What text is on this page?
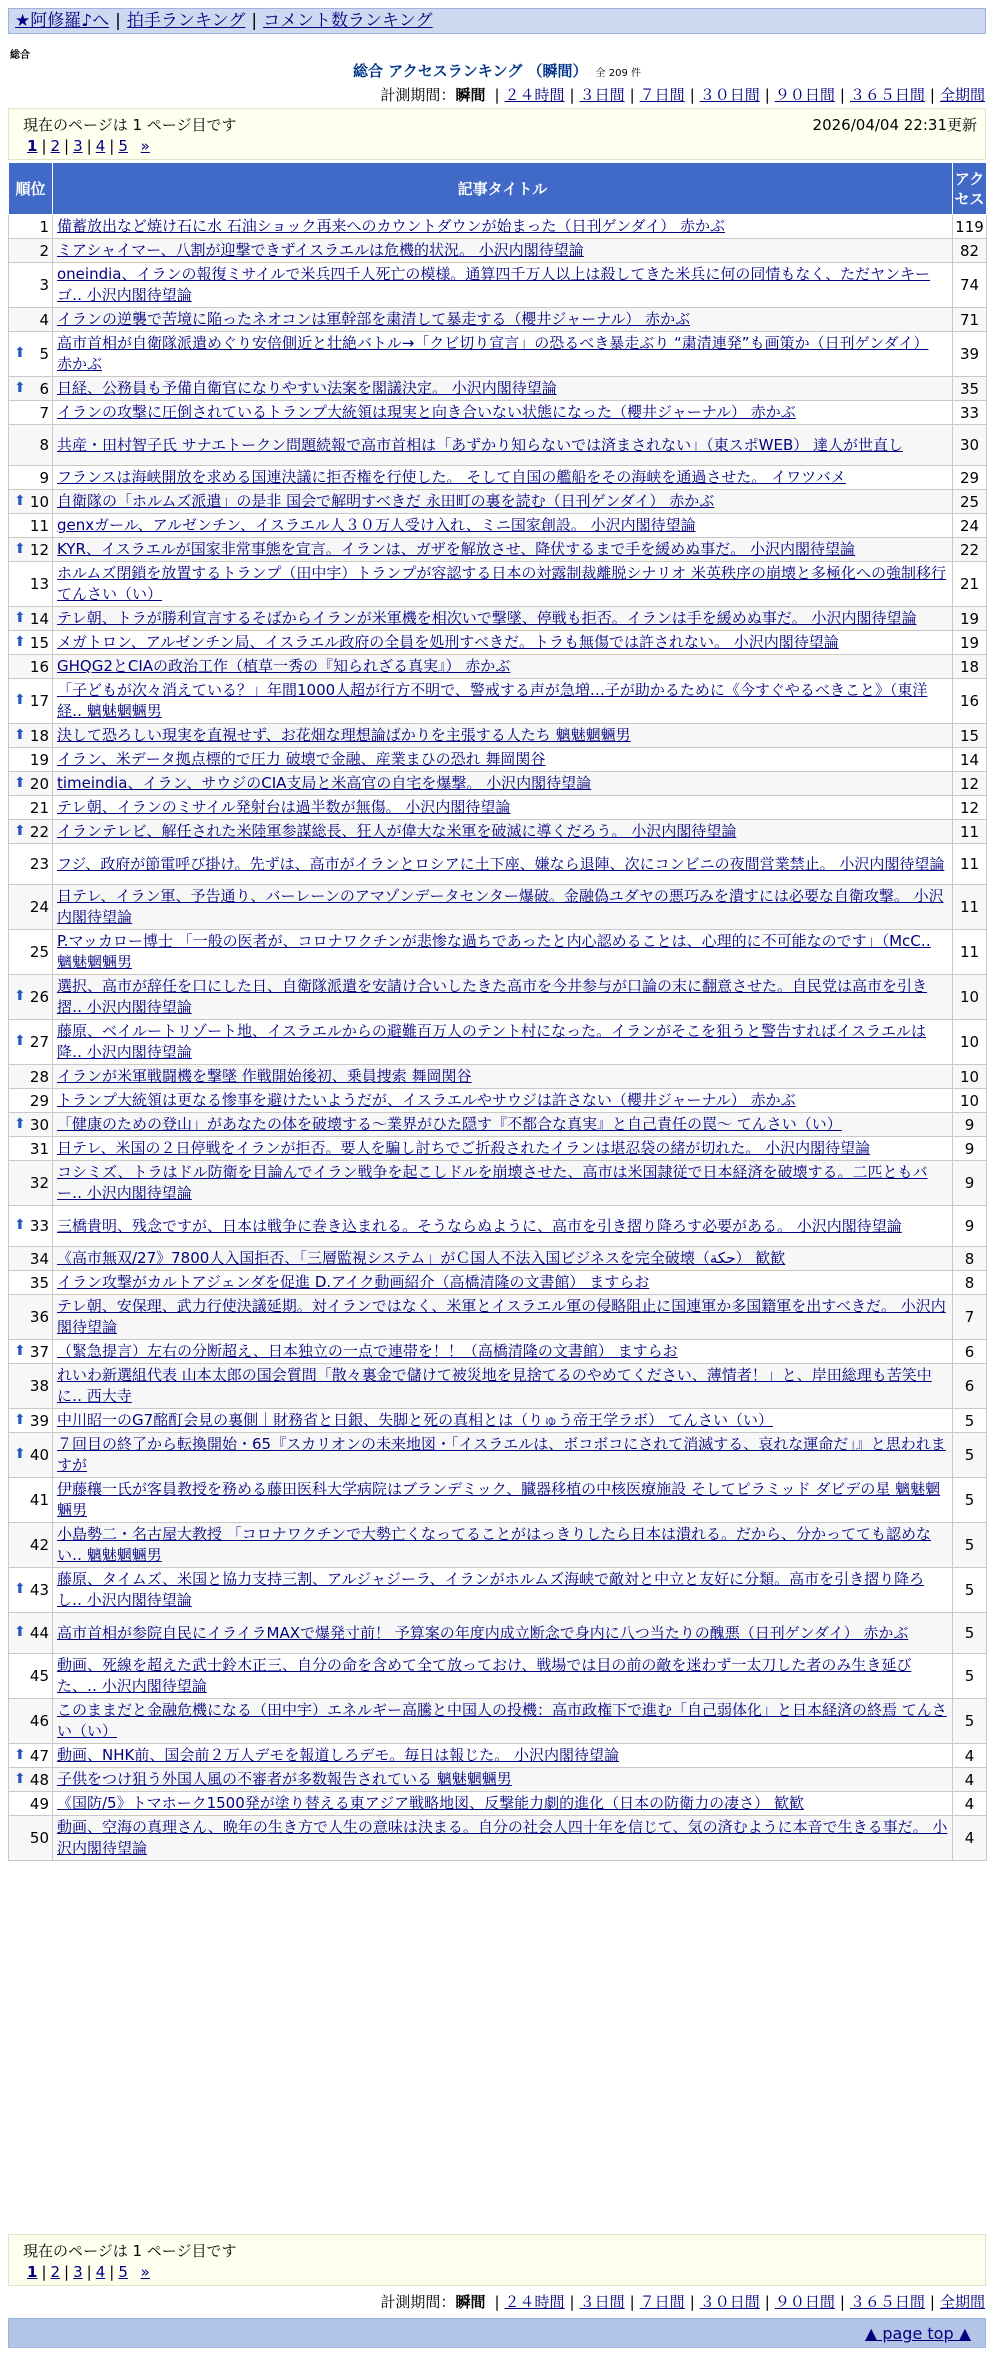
★阿修羅♪へ | 拍手ランキング | コメント数ランキング
総合
総合 アクセスランキング （瞬間） 全 209 件
計測期間：瞬間 | ２４時間 | ３日間 | ７日間 | ３０日間 | ９０日間 | ３６５日間 | 全期間
現在のページは 1 ページ目です	2026/04/04 22:31更新
1 | 2 | 3 | 4 | 5 »
順位	記事タイトル	アクセス
1	備蓄放出など焼け石に水 石油ショック再来へのカウントダウンが始まった（日刊ゲンダイ） 赤かぶ	119
2	ミアシャイマー、八割が迎撃できずイスラエルは危機的状況。 小沢内閣待望論	82
3	oneindia、イランの報復ミサイルで米兵四千人死亡の模様。通算四千万人以上は殺してきた米兵に何の同情もなく、ただヤンキーゴ‥ 小沢内閣待望論	74
4	イランの逆襲で苦境に陥ったネオコンは軍幹部を粛清して暴走する（櫻井ジャーナル） 赤かぶ	71

⬆ 5	高市首相が自衛隊派遣めぐり安倍側近と壮絶バトル→「クビ切り宣言」の恐るべき暴走ぶり “粛清連発”も画策か（日刊ゲンダイ） 赤かぶ	39

⬆ 6	日経、公務員も予備自衛官になりやすい法案を閣議決定。 小沢内閣待望論	35
7	イランの攻撃に圧倒されているトランプ大統領は現実と向き合いない状態になった（櫻井ジャーナル） 赤かぶ	33
8	共産・田村智子氏 サナエトークン問題続報で高市首相は「あずかり知らないでは済まされない」（東スポWEB） 達人が世直し	30
9	フランスは海峡開放を求める国連決議に拒否権を行使した。 そして自国の艦船をその海峡を通過させた。 イワツバメ	29

⬆ 10	自衛隊の「ホルムズ派遣」の是非 国会で解明すべきだ 永田町の裏を読む（日刊ゲンダイ） 赤かぶ	25
11	genxガール、アルゼンチン、イスラエル人３０万人受け入れ、ミニ国家創設。 小沢内閣待望論	24

⬆ 12	KYR、イスラエルが国家非常事態を宣言。イランは、ガザを解放させ、降伏するまで手を緩めぬ事だ。 小沢内閣待望論	22
13	ホルムズ閉鎖を放置するトランプ（田中宇）トランプが容認する日本の対露制裁離脱シナリオ 米英秩序の崩壊と多極化への強制移行 てんさい（い）	21

⬆ 14	テレ朝、トラが勝利宣言するそばからイランが米軍機を相次いで撃墜、停戦も拒否。イランは手を緩めぬ事だ。 小沢内閣待望論	19

⬆ 15	メガトロン、アルゼンチン局、イスラエル政府の全員を処刑すべきだ。トラも無傷では許されない。 小沢内閣待望論	19
16	GHQG2とCIAの政治工作（植草一秀の『知られざる真実』） 赤かぶ	18

⬆ 17	「子どもが次々消えている？」年間1000人超が行方不明で、警戒する声が急増…子が助かるために《今すぐやるべきこと》（東洋経‥ 魑魅魍魎男	16

⬆ 18	決して恐ろしい現実を直視せず、お花畑な理想論ばかりを主張する人たち 魑魅魍魎男	15
19	イラン、米データ拠点標的で圧力 破壊で金融、産業まひの恐れ 舞岡関谷	14

⬆ 20	timeindia、イラン、サウジのCIA支局と米高官の自宅を爆撃。 小沢内閣待望論	12
21	テレ朝、イランのミサイル発射台は過半数が無傷。 小沢内閣待望論	12

⬆ 22	イランテレビ、解任された米陸軍参謀総長、狂人が偉大な米軍を破滅に導くだろう。 小沢内閣待望論	11
23	フジ、政府が節電呼び掛け。先ずは、高市がイランとロシアに土下座、嫌なら退陣、次にコンビニの夜間営業禁止。 小沢内閣待望論	11
24	日テレ、イラン軍、予告通り、バーレーンのアマゾンデータセンター爆破。金融偽ユダヤの悪巧みを潰すには必要な自衛攻撃。 小沢内閣待望論	11
25	P.マッカロー博士 「一般の医者が、コロナワクチンが悲惨な過ちであったと内心認めることは、心理的に不可能なのです」（McC‥ 魑魅魍魎男	11

⬆ 26	選択、高市が辞任を口にした日、自衛隊派遣を安請け合いしたきた高市を今井参与が口論の末に翻意させた。自民党は高市を引き摺‥ 小沢内閣待望論	10

⬆ 27	藤原、ベイルートリゾート地、イスラエルからの避難百万人のテント村になった。イランがそこを狙うと警告すればイスラエルは降‥ 小沢内閣待望論	10
28	イランが米軍戦闘機を撃墜 作戦開始後初、乗員捜索 舞岡関谷	10
29	トランプ大統領は更なる惨事を避けたいようだが、イスラエルやサウジは許さない（櫻井ジャーナル） 赤かぶ	10

⬆ 30	「健康のための登山」があなたの体を破壊する～業界がひた隠す『不都合な真実』と自己責任の罠～ てんさい（い）	9
31	日テレ、米国の２日停戦をイランが拒否。要人を騙し討ちでご折殺されたイランは堪忍袋の緒が切れた。 小沢内閣待望論	9
32	コシミズ、トラはドル防衛を目論んでイラン戦争を起こしドルを崩壊させた、高市は米国隷従で日本経済を破壊する。二匹ともバー‥ 小沢内閣待望論	9

⬆ 33	三橋貴明、残念ですが、日本は戦争に巻き込まれる。そうならぬように、高市を引き摺り降ろす必要がある。 小沢内閣待望論	9
34	《高市無双/27》7800人入国拒否、「三層監視システム」がＣ国人不法入国ビジネスを完全破壊（حكة‎） 歓歓	8
35	イラン攻撃がカルトアジェンダを促進 D.アイク動画紹介（高橋清隆の文書館） ますらお	8
36	テレ朝、安保理、武力行使決議延期。対イランではなく、米軍とイスラエル軍の侵略阻止に国連軍か多国籍軍を出すべきだ。 小沢内閣待望論	7

⬆ 37	（緊急提言）左右の分断超え、日本独立の一点で連帯を！！（高橋清隆の文書館） ますらお	6
38	れいわ新選組代表 山本太郎の国会質問「散々裏金で儲けて被災地を見捨てるのやめてください、薄情者！」と、岸田総理も苦笑中に‥ 西大寺	6

⬆ 39	中川昭一のG7酩酊会見の裏側｜財務省と日銀、失脚と死の真相とは（りゅう帝王学ラボ） てんさい（い）	5

⬆ 40	７回目の終了から転換開始・65『スカリオンの未来地図・「イスラエルは、ボコボコにされて消滅する、哀れな運命だ」』と思われますが	5
41	伊藤穰一氏が客員教授を務める藤田医科大学病院はブランデミック、臓器移植の中核医療施設 そしてピラミッド ダビデの星 魑魅魍魎男	5
42	小島勢二・名古屋大教授 「コロナワクチンで大勢亡くなってることがはっきりしたら日本は潰れる。だから、分かってても認めない‥ 魑魅魍魎男	5

⬆ 43	藤原、タイムズ、米国と協力支持三割、アルジャジーラ、イランがホルムズ海峡で敵対と中立と友好に分類。高市を引き摺り降ろし‥ 小沢内閣待望論	5

⬆ 44	高市首相が参院自民にイライラMAXで爆発寸前！ 予算案の年度内成立断念で身内に八つ当たりの醜悪（日刊ゲンダイ） 赤かぶ	5
45	動画、死線を超えた武士鈴木正三、自分の命を含めて全て放っておけ、戦場では目の前の敵を迷わず一太刀した者のみ生き延びた、‥ 小沢内閣待望論	5
46	このままだと金融危機になる（田中宇）エネルギー高騰と中国人の投機：高市政権下で進む「自己弱体化」と日本経済の終焉 てんさい（い）	5

⬆ 47	動画、NHK前、国会前２万人デモを報道しろデモ。毎日は報じた。 小沢内閣待望論	4

⬆ 48	子供をつけ狙う外国人風の不審者が多数報告されている 魑魅魍魎男	4
49	《国防/5》トマホーク1500発が塗り替える東アジア戦略地図、反撃能力劇的進化（日本の防衛力の凄さ） 歓歓	4
50	動画、空海の真理さん、晩年の生き方で人生の意味は決まる。自分の社会人四十年を信じて、気の済むように本音で生きる事だ。 小沢内閣待望論	4
現在のページは 1 ページ目です
1 | 2 | 3 | 4 | 5 »
計測期間：瞬間 | ２４時間 | ３日間 | ７日間 | ３０日間 | ９０日間 | ３６５日間 | 全期間
▲ page top ▲
